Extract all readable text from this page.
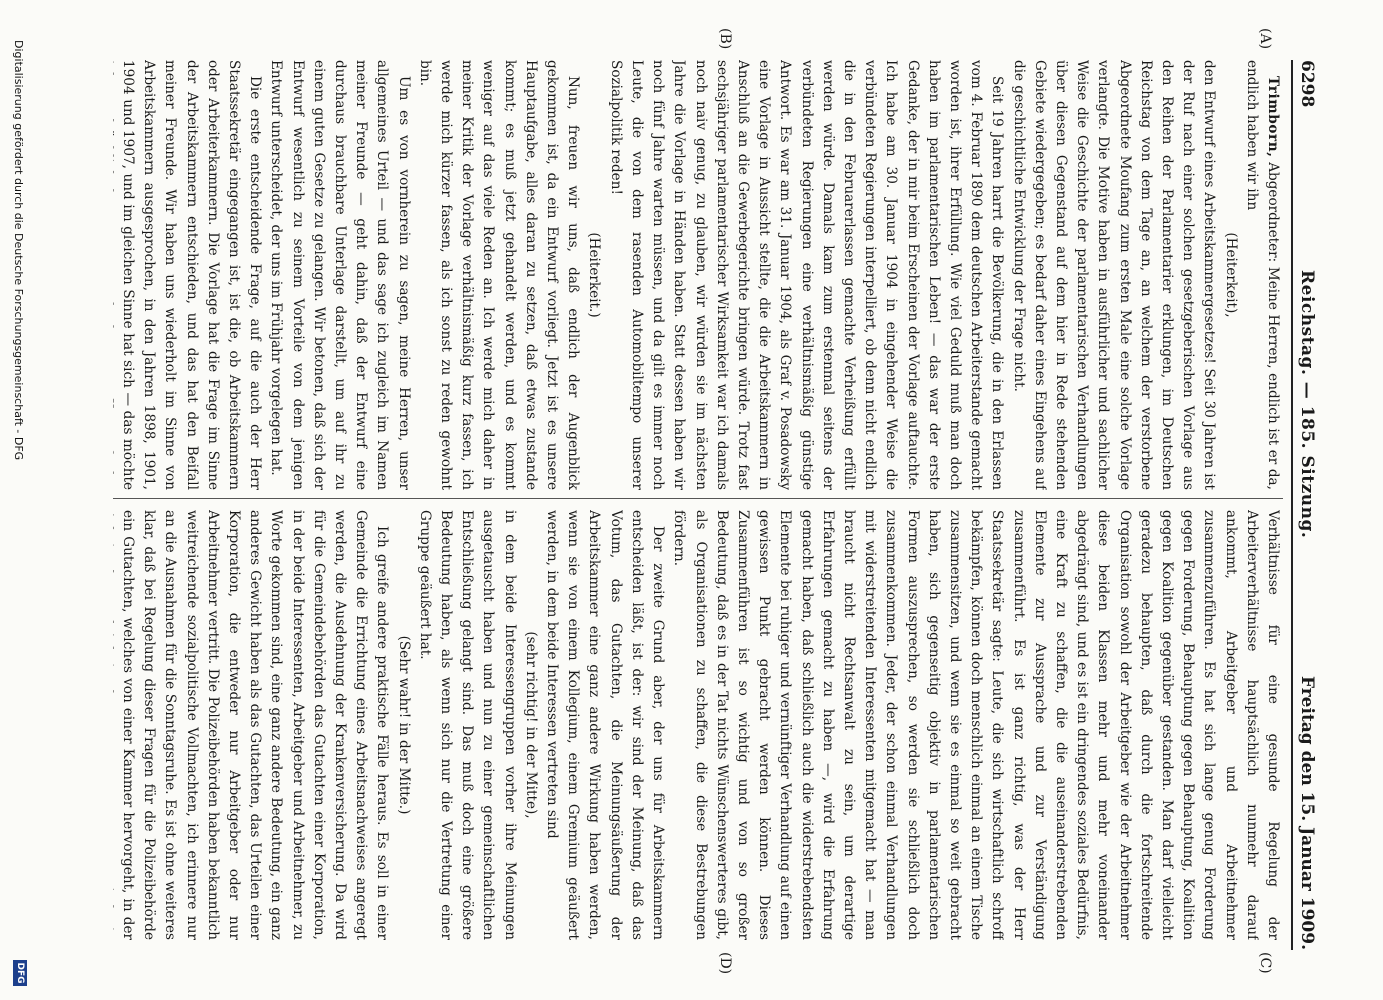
6298
Reichstag. — 185. Sitzung.
Freitag den 15. Januar 1909.
(A)
(B)
(C)
(D)

Trimborn, Abgeordneter: Meine Herren, endlich ist er da, endlich haben wir ihn

(Heiterkeit),

den Entwurf eines Arbeitskammergesetzes! Seit 30 Jahren ist der Ruf nach einer solchen gesetzgeberischen Vorlage aus den Reihen der Parlamentarier erklungen, im Deutschen Reichstag von dem Tage an, an welchem der verstorbene Abgeordnete Moufang zum ersten Male eine solche Vorlage verlangte. Die Motive haben in ausführlicher und sachlicher Weise die Geschichte der parlamentarischen Verhandlungen über diesen Gegenstand auf dem hier in Rede stehenden Gebiete wiedergegeben; es bedarf daher eines Eingehens auf die geschichtliche Entwicklung der Frage nicht.

Seit 19 Jahren harrt die Bevölkerung, die in den Erlassen vom 4. Februar 1890 dem deutschen Arbeiterstande gemacht worden ist, ihrer Erfüllung. Wie viel Geduld muß man doch haben im parlamentarischen Leben! — das war der erste Gedanke, der in mir beim Erscheinen der Vorlage auftauchte. Ich habe am 30. Januar 1904 in eingehender Weise die verbündeten Regierungen interpelliert, ob denn nicht endlich die in den Februarerlassen gemachte Verheißung erfüllt werden würde. Damals kam zum erstenmal seitens der verbündeten Regierungen eine verhältnismäßig günstige Antwort. Es war am 31. Januar 1904, als Graf v. Posadowsky eine Vorlage in Aussicht stellte, die die Arbeitskammern in Anschluß an die Gewerbegerichte bringen würde. Trotz fast sechsjähriger parlamentarischer Wirksamkeit war ich damals noch naiv genug, zu glauben, wir würden sie im nächsten Jahre die Vorlage in Händen haben. Statt dessen haben wir noch fünf Jahre warten müssen, und da gilt es immer noch Leute, die von dem rasenden Automobiltempo unserer Sozialpolitik reden!

(Heiterkeit.)

Nun, freuen wir uns, daß endlich der Augenblick gekommen ist, da ein Entwurf vorliegt. Jetzt ist es unsere Hauptaufgabe, alles daran zu setzen, daß etwas zustande kommt; es muß jetzt gehandelt werden, und es kommt weniger auf das viele Reden an. Ich werde mich daher in meiner Kritik der Vorlage verhältnismäßig kurz fassen, ich werde mich kürzer fassen, als ich sonst zu reden gewohnt bin.

Um es von vornherein zu sagen, meine Herren, unser allgemeines Urteil — und das sage ich zugleich im Namen meiner Freunde — geht dahin, daß der Entwurf eine durchaus brauchbare Unterlage darstellt, um auf ihr zu einem guten Gesetze zu gelangen. Wir betonen, daß sich der Entwurf wesentlich zu seinem Vorteile von dem jenigen Entwurf unterscheidet, der uns im Frühjahr vorgelegen hat.

Die erste entscheidende Frage, auf die auch der Herr Staatssekretär eingegangen ist, ist die, ob Arbeitskammern oder Arbeiterkammern. Die Vorlage hat die Frage im Sinne der Arbeitskammern entschieden, und das hat den Beifall meiner Freunde. Wir haben uns wiederholt im Sinne von Arbeitskammern ausgesprochen, in den Jahren 1898, 1901, 1904 und 1907, und im gleichen Sinne hat sich — das möchte

Verhältnisse für eine gesunde Regelung der Arbeiterverhältnisse hauptsächlich nunmehr darauf ankommt, Arbeitgeber und Arbeitnehmer zusammenzuführen. Es hat sich lange genug Forderung gegen Forderung, Behauptung gegen Behauptung, Koalition gegen Koalition gegenüber gestanden. Man darf vielleicht geradezu behaupten, daß durch die fortschreitende Organisation sowohl der Arbeitgeber wie der Arbeitnehmer diese beiden Klassen mehr und mehr voneinander abgedrängt sind, und es ist ein dringendes soziales Bedürfnis, eine Kraft zu schaffen, die die auseinanderstrebenden Elemente zur Aussprache und zur Verständigung zusammenführt. Es ist ganz richtig, was der Herr Staatssekretär sagte: Leute, die sich wirtschaftlich schroff bekämpfen, können doch menschlich einmal an einem Tische zusammensitzen, und wenn sie es einmal so weit gebracht haben, sich gegenseitig objektiv in parlamentarischen Formen auszusprechen, so werden sie schließlich doch zusammenkommen. Jeder, der schon einmal Verhandlungen mit widerstreitenden Interessenten mitgemacht hat — man braucht nicht Rechtsanwalt zu sein, um derartige Erfahrungen gemacht zu haben —, wird die Erfahrung gemacht haben, daß schließlich auch die widerstrebendsten Elemente bei ruhiger und vernünftiger Verhandlung auf einen gewissen Punkt gebracht werden können. Dieses Zusammenführen ist so wichtig und von so großer Bedeutung, daß es in der Tat nichts Wünschenswerteres gibt, als Organisationen zu schaffen, die diese Bestrebungen fördern.

Der zweite Grund aber, der uns für Arbeitskammern entscheiden läßt, ist der: wir sind der Meinung, daß das Votum, das Gutachten, die Meinungsäußerung der Arbeitskammer eine ganz andere Wirkung haben werden, wenn sie von einem Kollegium, einem Gremium geäußert werden, in dem beide Interessen vertreten sind

(sehr richtig! in der Mitte),

in dem beide Interessengruppen vorher ihre Meinungen ausgetauscht haben und nun zu einer gemeinschaftlichen Entschließung gelangt sind. Das muß doch eine größere Bedeutung haben, als wenn sich nur die Vertretung einer Gruppe geäußert hat.

(Sehr wahr! in der Mitte.)

Ich greife andere praktische Fälle heraus. Es soll in einer Gemeinde die Errichtung eines Arbeitsnachweises angeregt werden, die Ausdehnung der Krankenversicherung. Da wird für die Gemeindebehörden das Gutachten einer Korporation, in der beide Interessenten, Arbeitgeber und Arbeitnehmer, zu Worte gekommen sind, eine ganz andere Bedeutung, ein ganz anderes Gewicht haben als das Gutachten, das Urteilen einer Korporation, die entweder nur Arbeitgeber oder nur Arbeitnehmer vertritt. Die Polizeibehörden haben bekanntlich weitreichende sozialpolitische Vollmachten, ich erinnere nur an die Ausnahmen für die Sonntagsruhe. Es ist ohne weiteres klar, daß bei Regelung dieser Fragen für die Polizeibehörde ein Gutachten, welches von einer Kammer hervorgeht, in der

Digitalisierung gefördert durch die Deutsche Forschungsgemeinschaft - DFG
DFG
